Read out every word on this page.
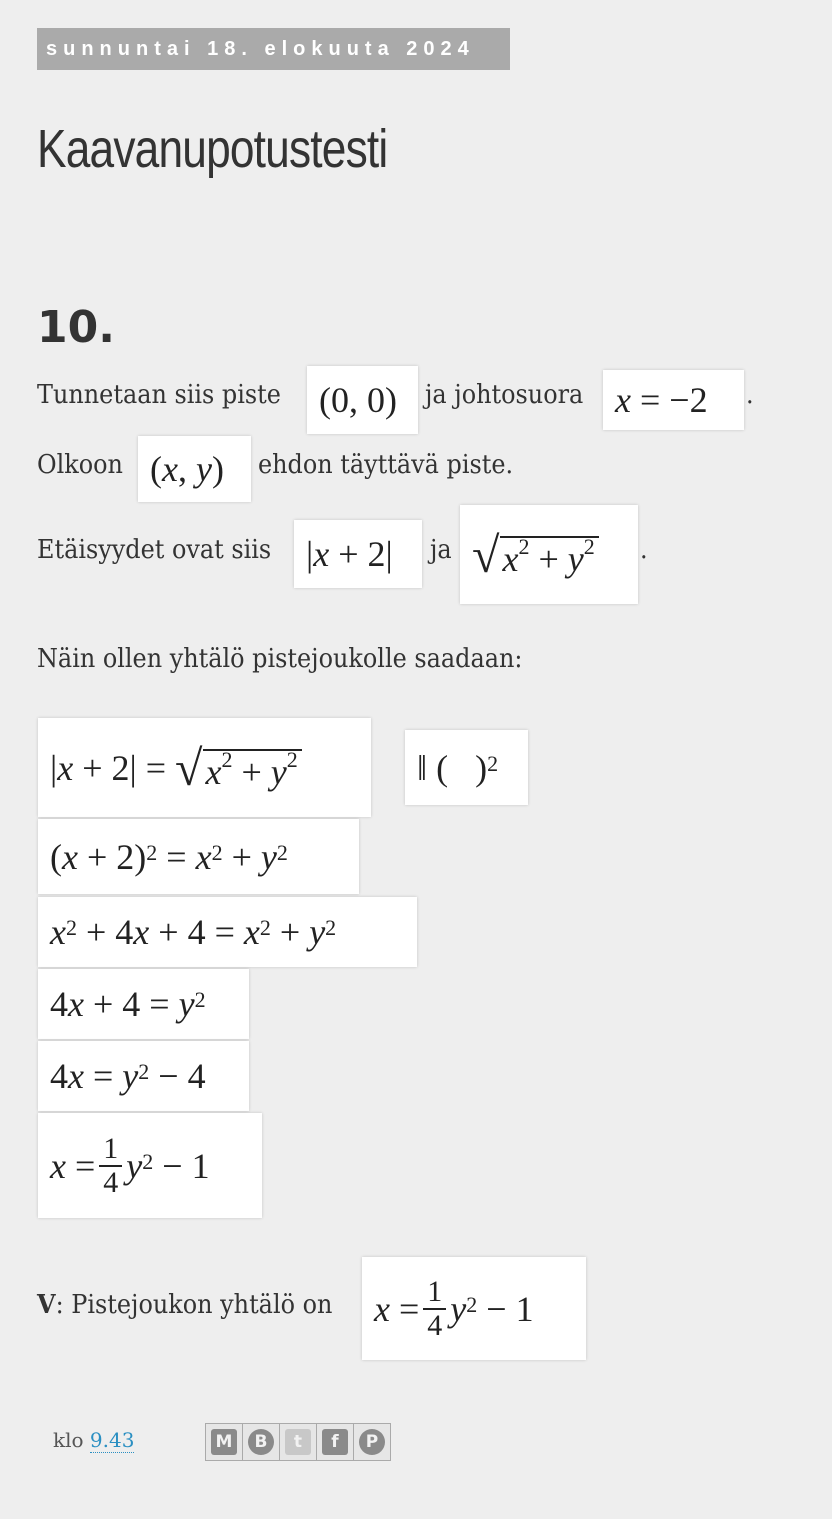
sunnuntai 18. elokuuta 2024
Kaavanupotustesti
10.
Tunnetaan siis piste	(0, 0)	ja johtosuora x = −2	.
Olkoon ( x , y )	ehdon täyttävä piste.
Etäisyydet ovat siis | x + 2|	ja √ $x^2 + y^2$ .
Näin ollen yhtälö pistejoukolle saadaan:
| x + 2| = √ $x^2 + y^2$	‖ (   )$^2$
( $x + 2)^2 = x^2 + y^2$
$x^2 + 4$ $x + 4 = x^2 + y^2$
4 $x + 4 = y^2$
4 $x = y^2 - 4$
$x = \frac{1}{4} y^2 - 1$
V: Pistejoukon yhtälö on $x = \frac{1}{4} y^2 - 1$
klo 9.43	M	B	t	f	P
